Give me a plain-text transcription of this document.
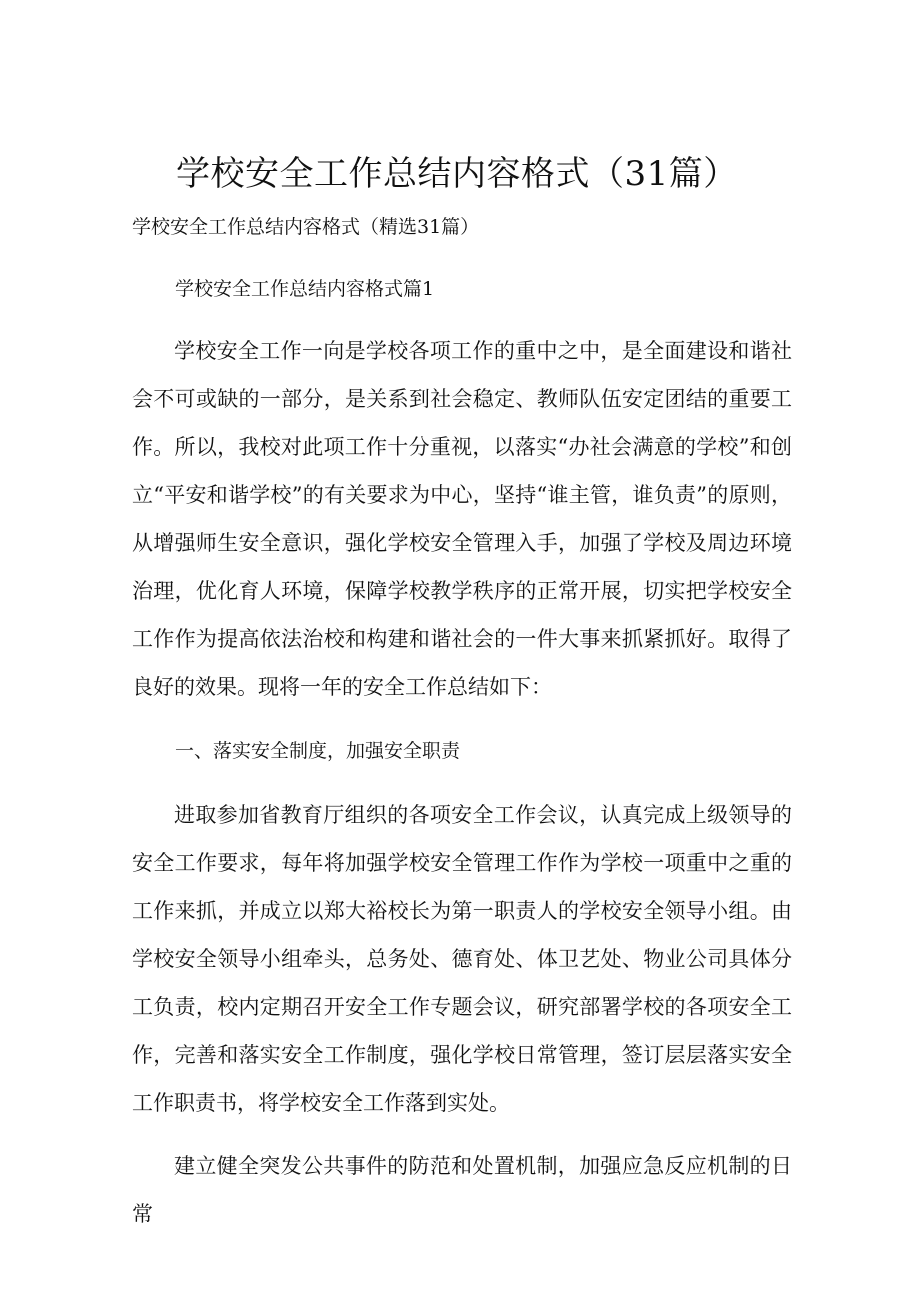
学校安全工作总结内容格式（31篇）
学校安全工作总结内容格式（精选31篇）
学校安全工作总结内容格式篇1
学校安全工作一向是学校各项工作的重中之中，是全面建设和谐社会不可或缺的一部分，是关系到社会稳定、教师队伍安定团结的重要工作。所以，我校对此项工作十分重视，以落实“办社会满意的学校”和创立“平安和谐学校”的有关要求为中心，坚持“谁主管，谁负责”的原则，从增强师生安全意识，强化学校安全管理入手，加强了学校及周边环境治理，优化育人环境，保障学校教学秩序的正常开展，切实把学校安全工作作为提高依法治校和构建和谐社会的一件大事来抓紧抓好。取得了良好的效果。现将一年的安全工作总结如下：
一、落实安全制度，加强安全职责
进取参加省教育厅组织的各项安全工作会议，认真完成上级领导的安全工作要求，每年将加强学校安全管理工作作为学校一项重中之重的工作来抓，并成立以郑大裕校长为第一职责人的学校安全领导小组。由学校安全领导小组牵头，总务处、德育处、体卫艺处、物业公司具体分工负责，校内定期召开安全工作专题会议，研究部署学校的各项安全工作，完善和落实安全工作制度，强化学校日常管理，签订层层落实安全工作职责书，将学校安全工作落到实处。
建立健全突发公共事件的防范和处置机制，加强应急反应机制的日常
